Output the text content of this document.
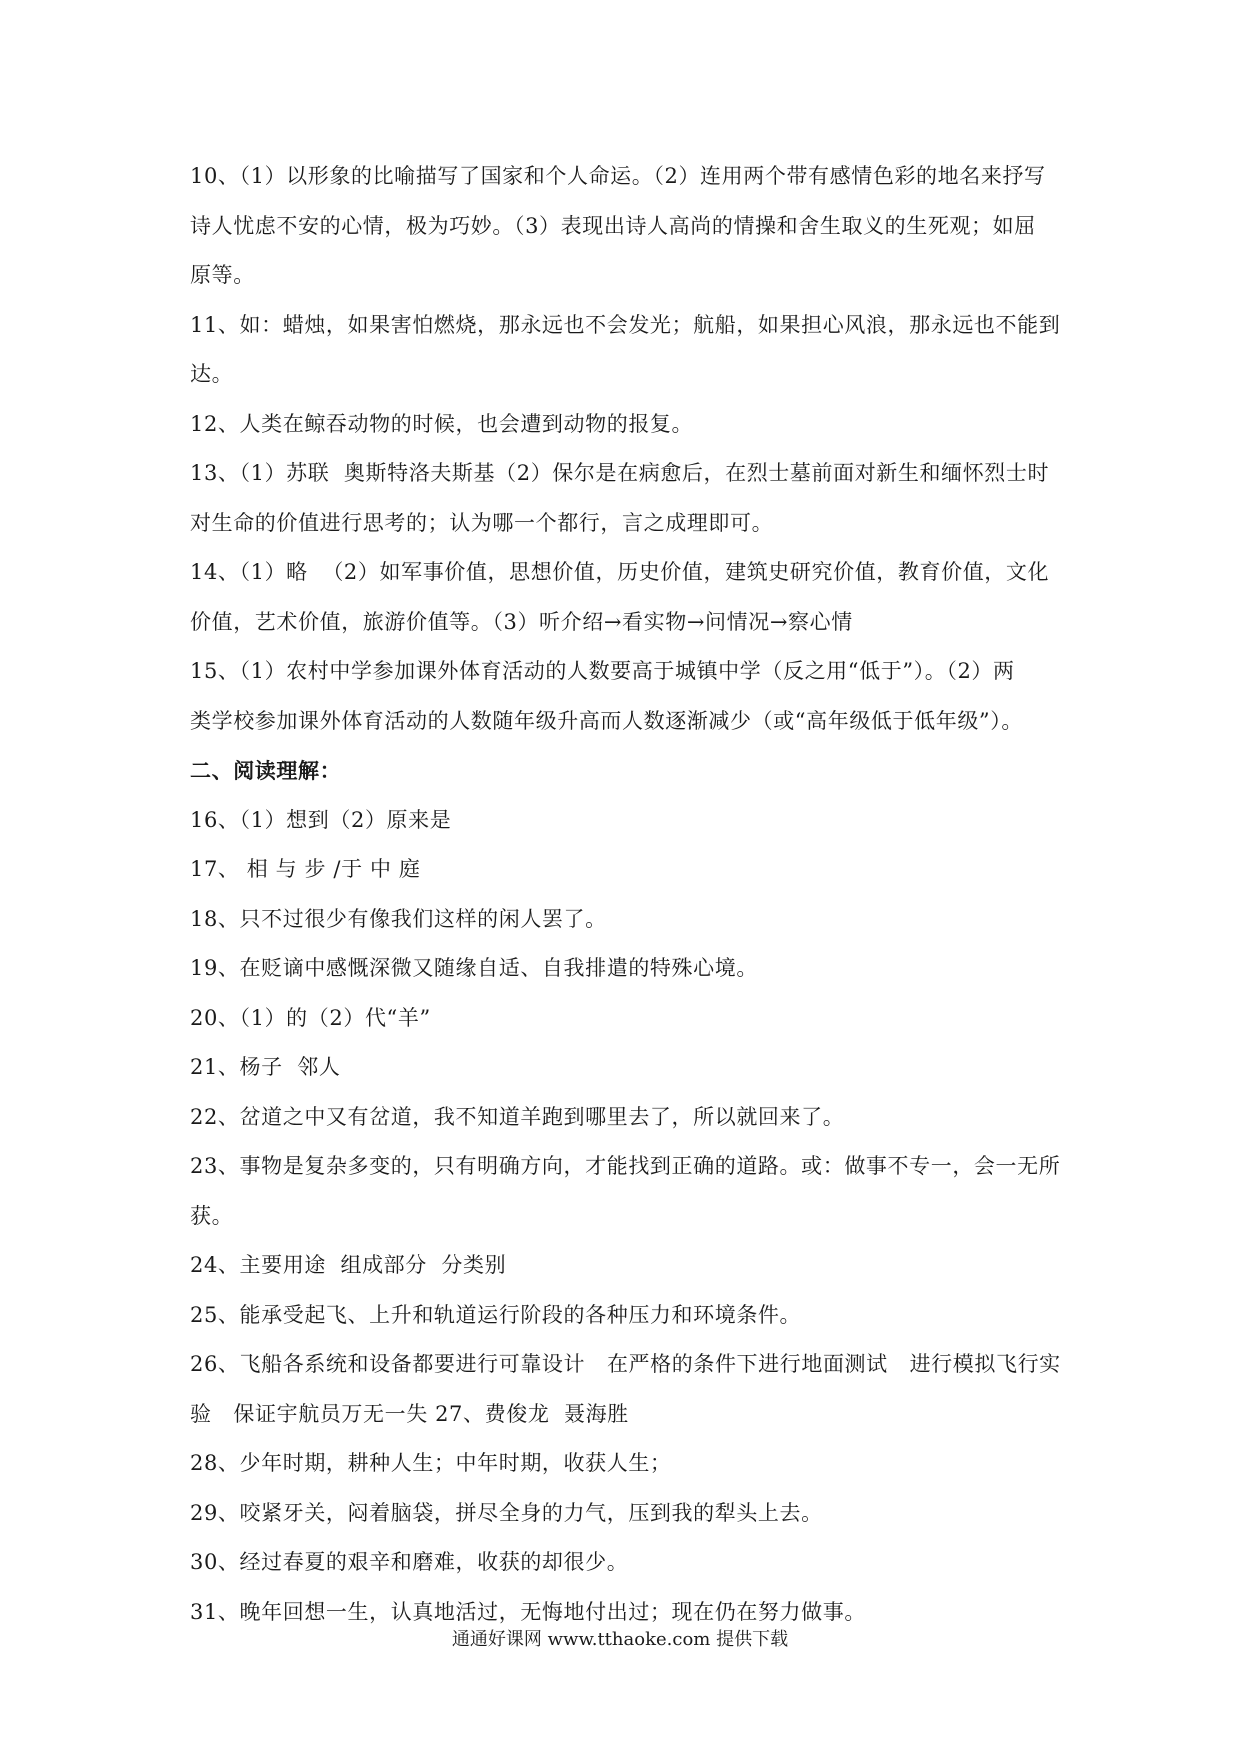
10、（1）以形象的比喻描写了国家和个人命运。（2）连用两个带有感情色彩的地名来抒写
诗人忧虑不安的心情，极为巧妙。（3）表现出诗人高尚的情操和舍生取义的生死观；如屈
原等。
11、如：蜡烛，如果害怕燃烧，那永远也不会发光；航船，如果担心风浪，那永远也不能到
达。
12、人类在鲸吞动物的时候，也会遭到动物的报复。
13、（1）苏联  奥斯特洛夫斯基（2）保尔是在病愈后，在烈士墓前面对新生和缅怀烈士时
对生命的价值进行思考的；认为哪一个都行，言之成理即可。
14、（1）略  （2）如军事价值，思想价值，历史价值，建筑史研究价值，教育价值，文化
价值，艺术价值，旅游价值等。（3）听介绍→看实物→问情况→察心情
15、（1）农村中学参加课外体育活动的人数要高于城镇中学（反之用“低于”）。（2）两
类学校参加课外体育活动的人数随年级升高而人数逐渐减少（或“高年级低于低年级”）。
二、阅读理解：
16、（1）想到（2）原来是
17、 相 与 步 /于 中 庭
18、只不过很少有像我们这样的闲人罢了。
19、在贬谪中感慨深微又随缘自适、自我排遣的特殊心境。
20、（1）的（2）代“羊”
21、杨子  邻人
22、岔道之中又有岔道，我不知道羊跑到哪里去了，所以就回来了。
23、事物是复杂多变的，只有明确方向，才能找到正确的道路。或：做事不专一，会一无所
获。
24、主要用途  组成部分  分类别
25、能承受起飞、上升和轨道运行阶段的各种压力和环境条件。
26、飞船各系统和设备都要进行可靠设计   在严格的条件下进行地面测试   进行模拟飞行实
验   保证宇航员万无一失 27、费俊龙  聂海胜
28、少年时期，耕种人生；中年时期，收获人生；
29、咬紧牙关，闷着脑袋，拼尽全身的力气，压到我的犁头上去。
30、经过春夏的艰辛和磨难，收获的却很少。
31、晚年回想一生，认真地活过，无悔地付出过；现在仍在努力做事。
通通好课网 www.tthaoke.com 提供下载
